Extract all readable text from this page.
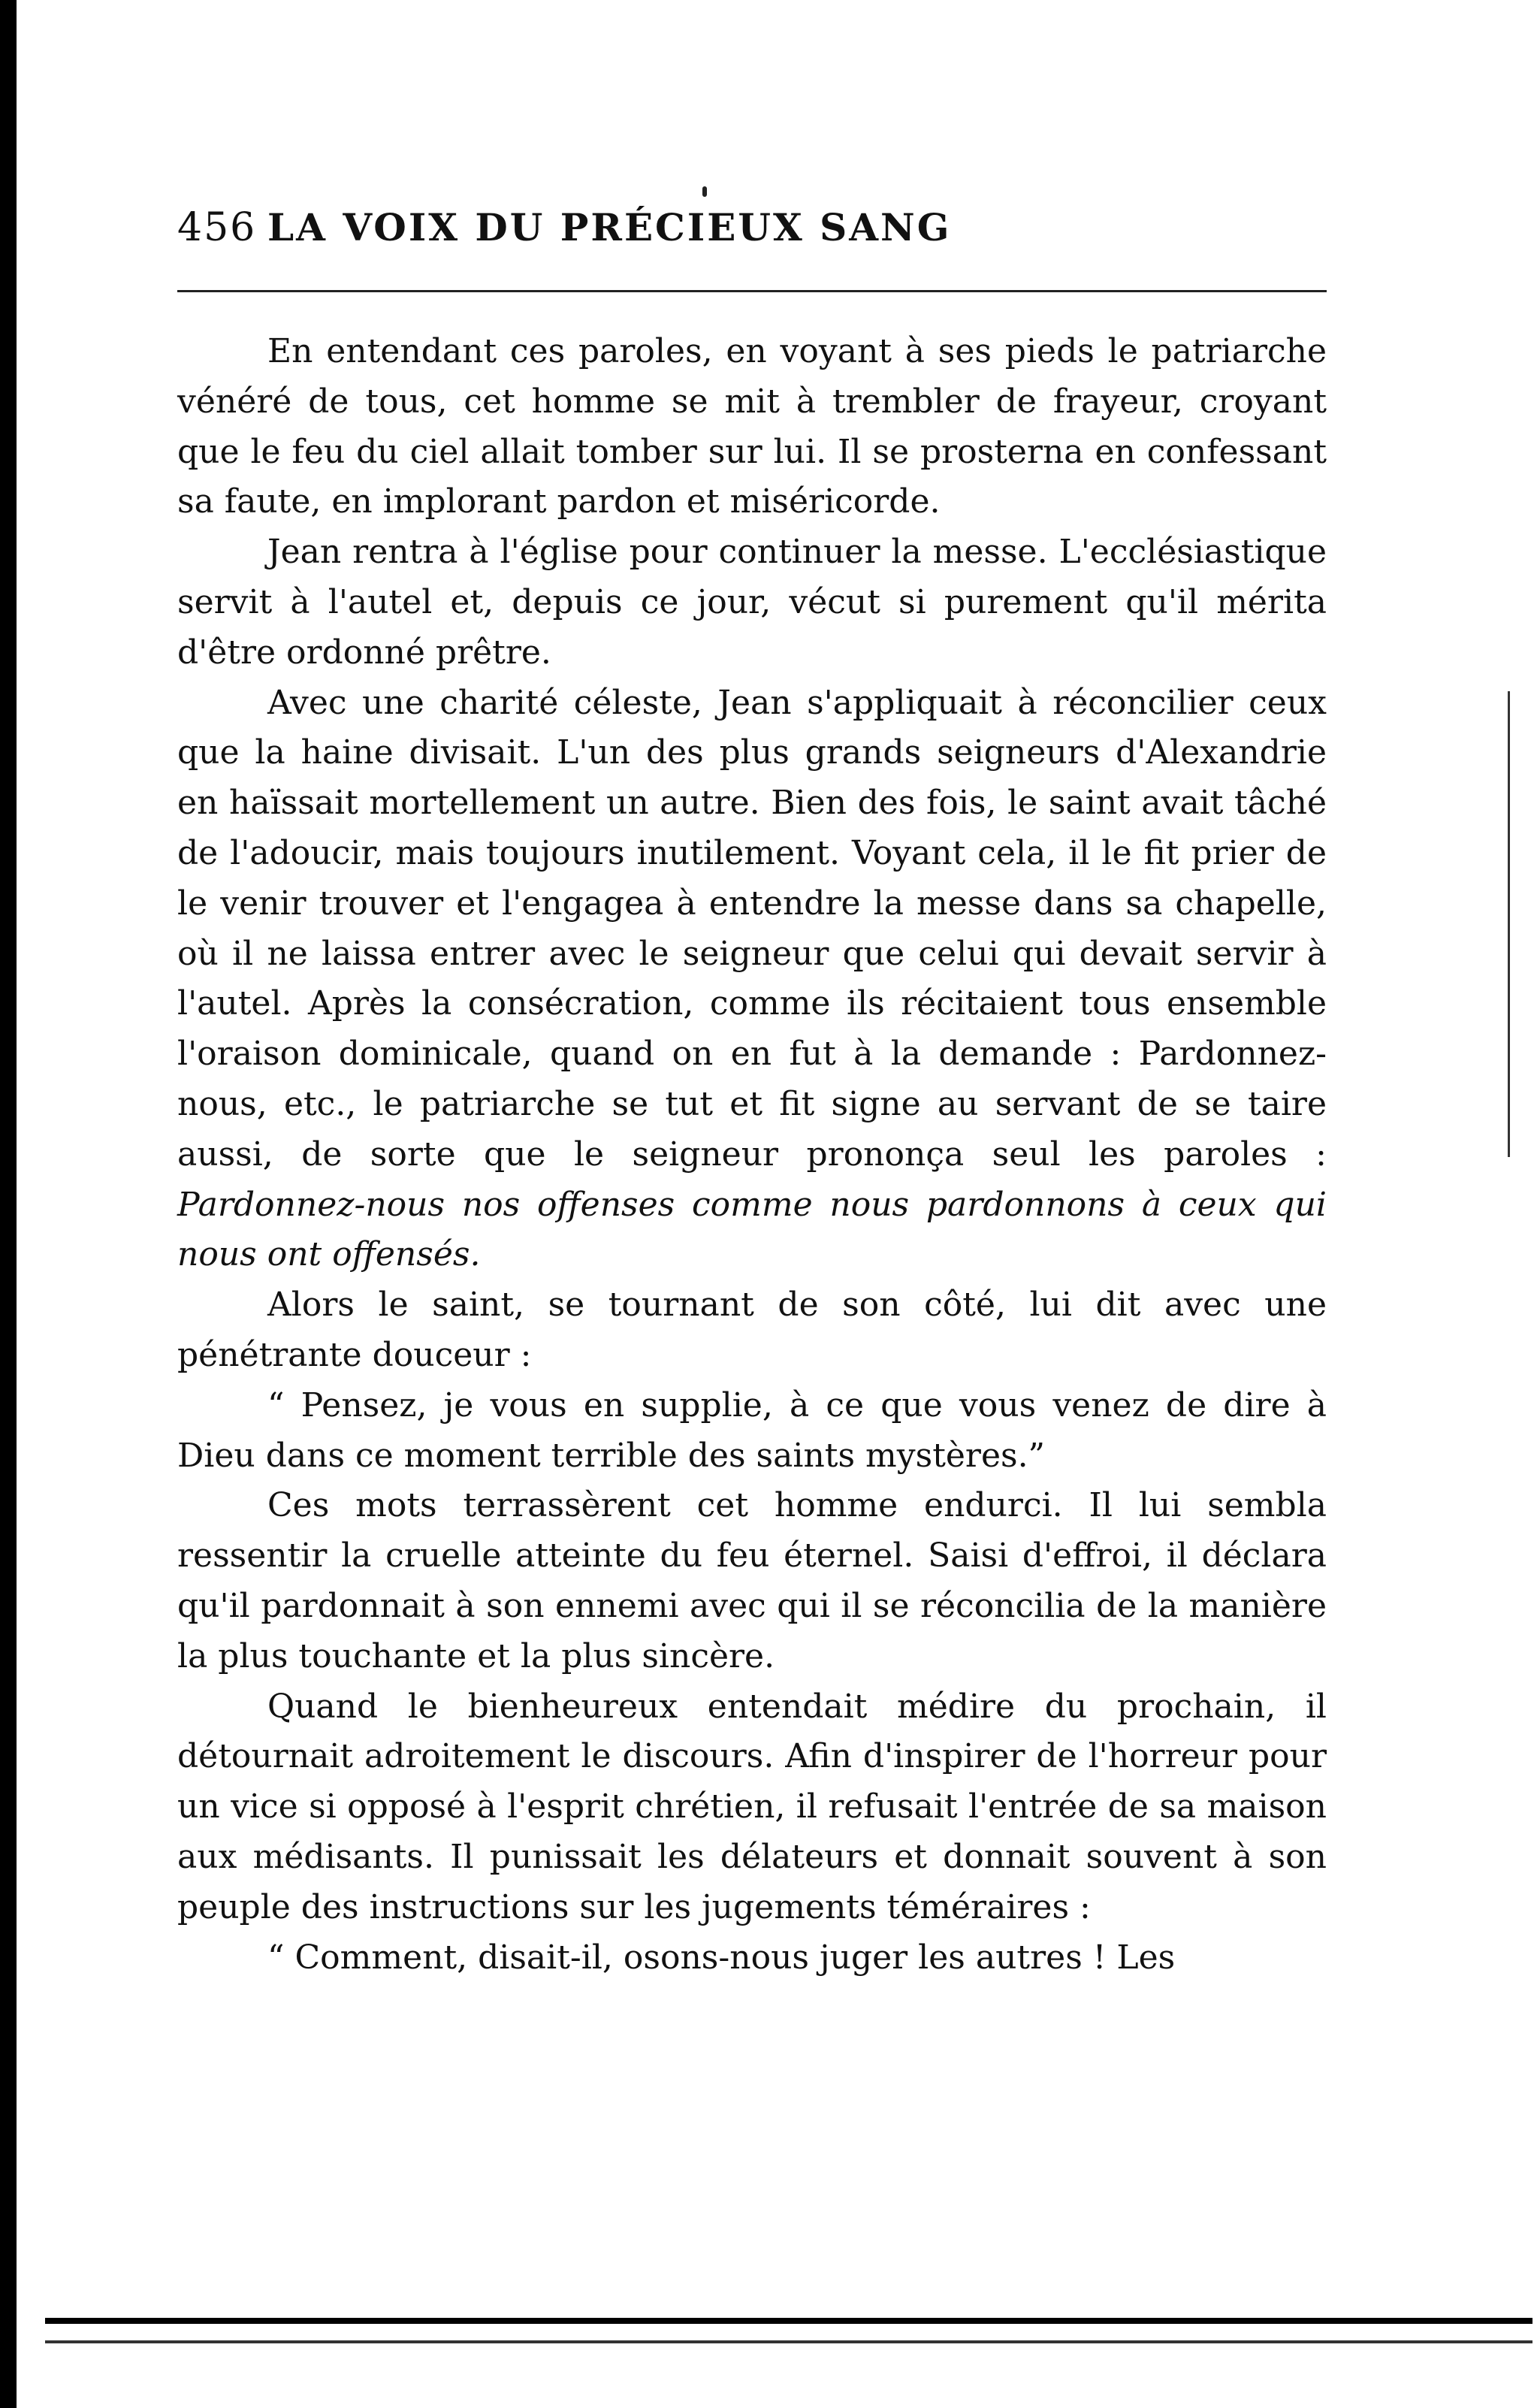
456 LA VOIX DU PRÉCIEUX SANG

En entendant ces paroles, en voyant à ses pieds le patriarche vénéré de tous, cet homme se mit à trembler de frayeur, croyant que le feu du ciel allait tomber sur lui. Il se prosterna en confessant sa faute, en implorant pardon et miséricorde.

Jean rentra à l'église pour continuer la messe. L'ecclésiastique servit à l'autel et, depuis ce jour, vécut si purement qu'il mérita d'être ordonné prêtre.

Avec une charité céleste, Jean s'appliquait à réconcilier ceux que la haine divisait. L'un des plus grands seigneurs d'Alexandrie en haïssait mortellement un autre. Bien des fois, le saint avait tâché de l'adoucir, mais toujours inutilement. Voyant cela, il le fit prier de le venir trouver et l'engagea à entendre la messe dans sa chapelle, où il ne laissa entrer avec le seigneur que celui qui devait servir à l'autel. Après la consécration, comme ils récitaient tous ensemble l'oraison dominicale, quand on en fut à la demande : Pardonnez-nous, etc., le patriarche se tut et fit signe au servant de se taire aussi, de sorte que le seigneur prononça seul les paroles : Pardonnez-nous nos offenses comme nous pardonnons à ceux qui nous ont offensés.

Alors le saint, se tournant de son côté, lui dit avec une pénétrante douceur :

“ Pensez, je vous en supplie, à ce que vous venez de dire à Dieu dans ce moment terrible des saints mystères.”

Ces mots terrassèrent cet homme endurci. Il lui sembla ressentir la cruelle atteinte du feu éternel. Saisi d'effroi, il déclara qu'il pardonnait à son ennemi avec qui il se réconcilia de la manière la plus touchante et la plus sincère.

Quand le bienheureux entendait médire du prochain, il détournait adroitement le discours. Afin d'inspirer de l'horreur pour un vice si opposé à l'esprit chrétien, il refusait l'entrée de sa maison aux médisants. Il punissait les délateurs et donnait souvent à son peuple des instructions sur les jugements téméraires :

“ Comment, disait-il, osons-nous juger les autres ! Les
